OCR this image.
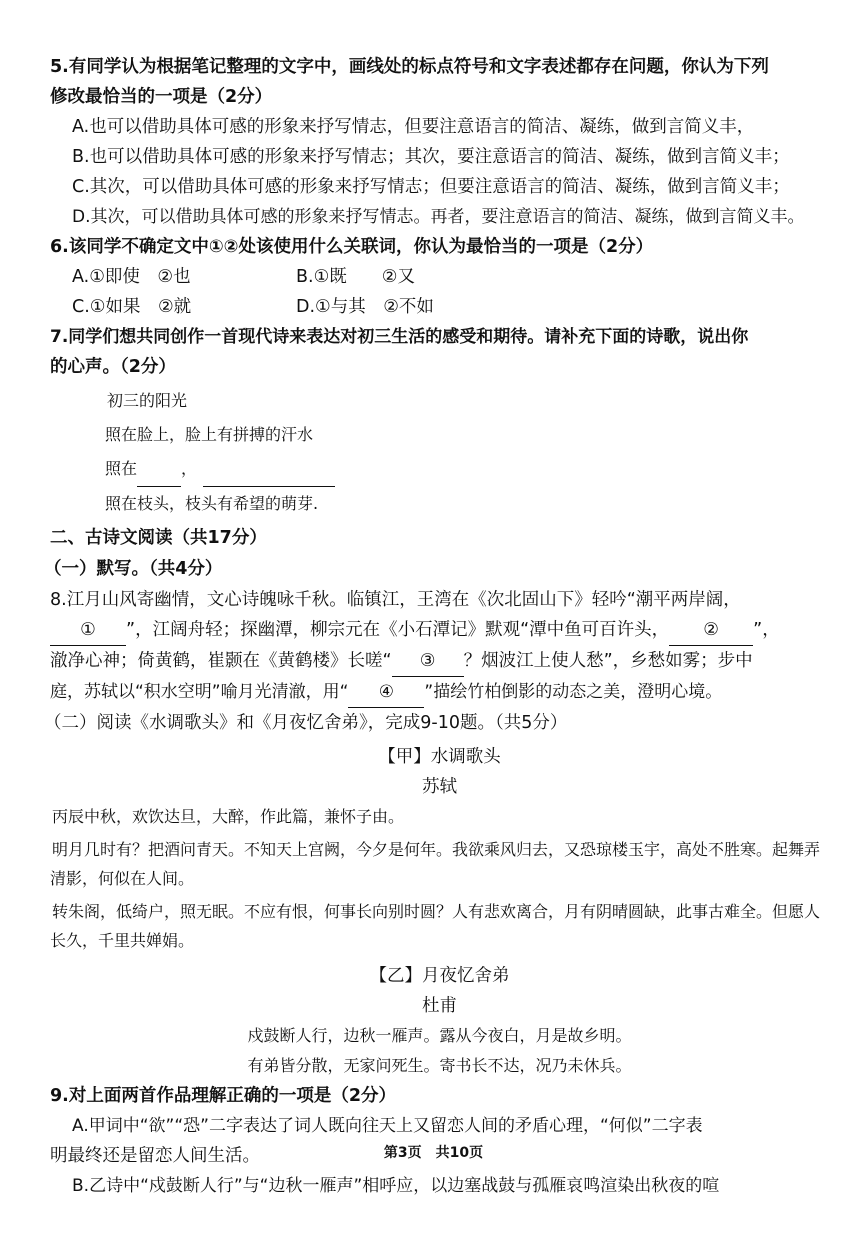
5.有同学认为根据笔记整理的文字中，画线处的标点符号和文字表述都存在问题，你认为下列
修改最恰当的一项是（2分）
A.也可以借助具体可感的形象来抒写情志，但要注意语言的简洁、凝练，做到言简义丰，
B.也可以借助具体可感的形象来抒写情志；其次，要注意语言的简洁、凝练，做到言简义丰；
C.其次，可以借助具体可感的形象来抒写情志；但要注意语言的简洁、凝练，做到言简义丰；
D.其次，可以借助具体可感的形象来抒写情志。再者，要注意语言的简洁、凝练，做到言简义丰。
6.该同学不确定文中①②处该使用什么关联词，你认为最恰当的一项是（2分）
A.①即使　②也	B.①既　　②又
C.①如果　②就	D.①与其　②不如
7.同学们想共同创作一首现代诗来表达对初三生活的感受和期待。请补充下面的诗歌，说出你
的心声。（2分）
初三的阳光
照在脸上，脸上有拼搏的汗水
照在	，
照在枝头，枝头有希望的萌芽.
二、古诗文阅读（共17分）
（一）默写。（共4分）
8.江月山风寄幽情，文心诗魄咏千秋。临镇江，王湾在《次北固山下》轻吟“潮平两岸阔，
① ”，江阔舟轻；探幽潭，柳宗元在《小石潭记》默观“潭中鱼可百许头， ② ”，
澈净心神；倚黄鹤，崔颢在《黄鹤楼》长嗟“ ③ ？烟波江上使人愁”，乡愁如雾；步中
庭，苏轼以“积水空明”喻月光清澈，用“ ④ ”描绘竹柏倒影的动态之美，澄明心境。
（二）阅读《水调歌头》和《月夜忆舍弟》，完成9-10题。（共5分）
【甲】水调歌头
苏轼
丙辰中秋，欢饮达旦，大醉，作此篇，兼怀子由。
明月几时有？把酒问青天。不知天上宫阙，今夕是何年。我欲乘风归去，又恐琼楼玉宇，高处不胜寒。起舞弄清影，何似在人间。
转朱阁，低绮户，照无眠。不应有恨，何事长向别时圆？人有悲欢离合，月有阴晴圆缺，此事古难全。但愿人长久，千里共婵娟。
【乙】月夜忆舍弟
杜甫
戍鼓断人行，边秋一雁声。露从今夜白，月是故乡明。
有弟皆分散，无家问死生。寄书长不达，况乃未休兵。
9.对上面两首作品理解正确的一项是（2分）
A.甲词中“欲”“恐”二字表达了词人既向往天上又留恋人间的矛盾心理，“何似”二字表
明最终还是留恋人间生活。
B.乙诗中“戍鼓断人行”与“边秋一雁声”相呼应，以边塞战鼓与孤雁哀鸣渲染出秋夜的喧
第3页　共10页
